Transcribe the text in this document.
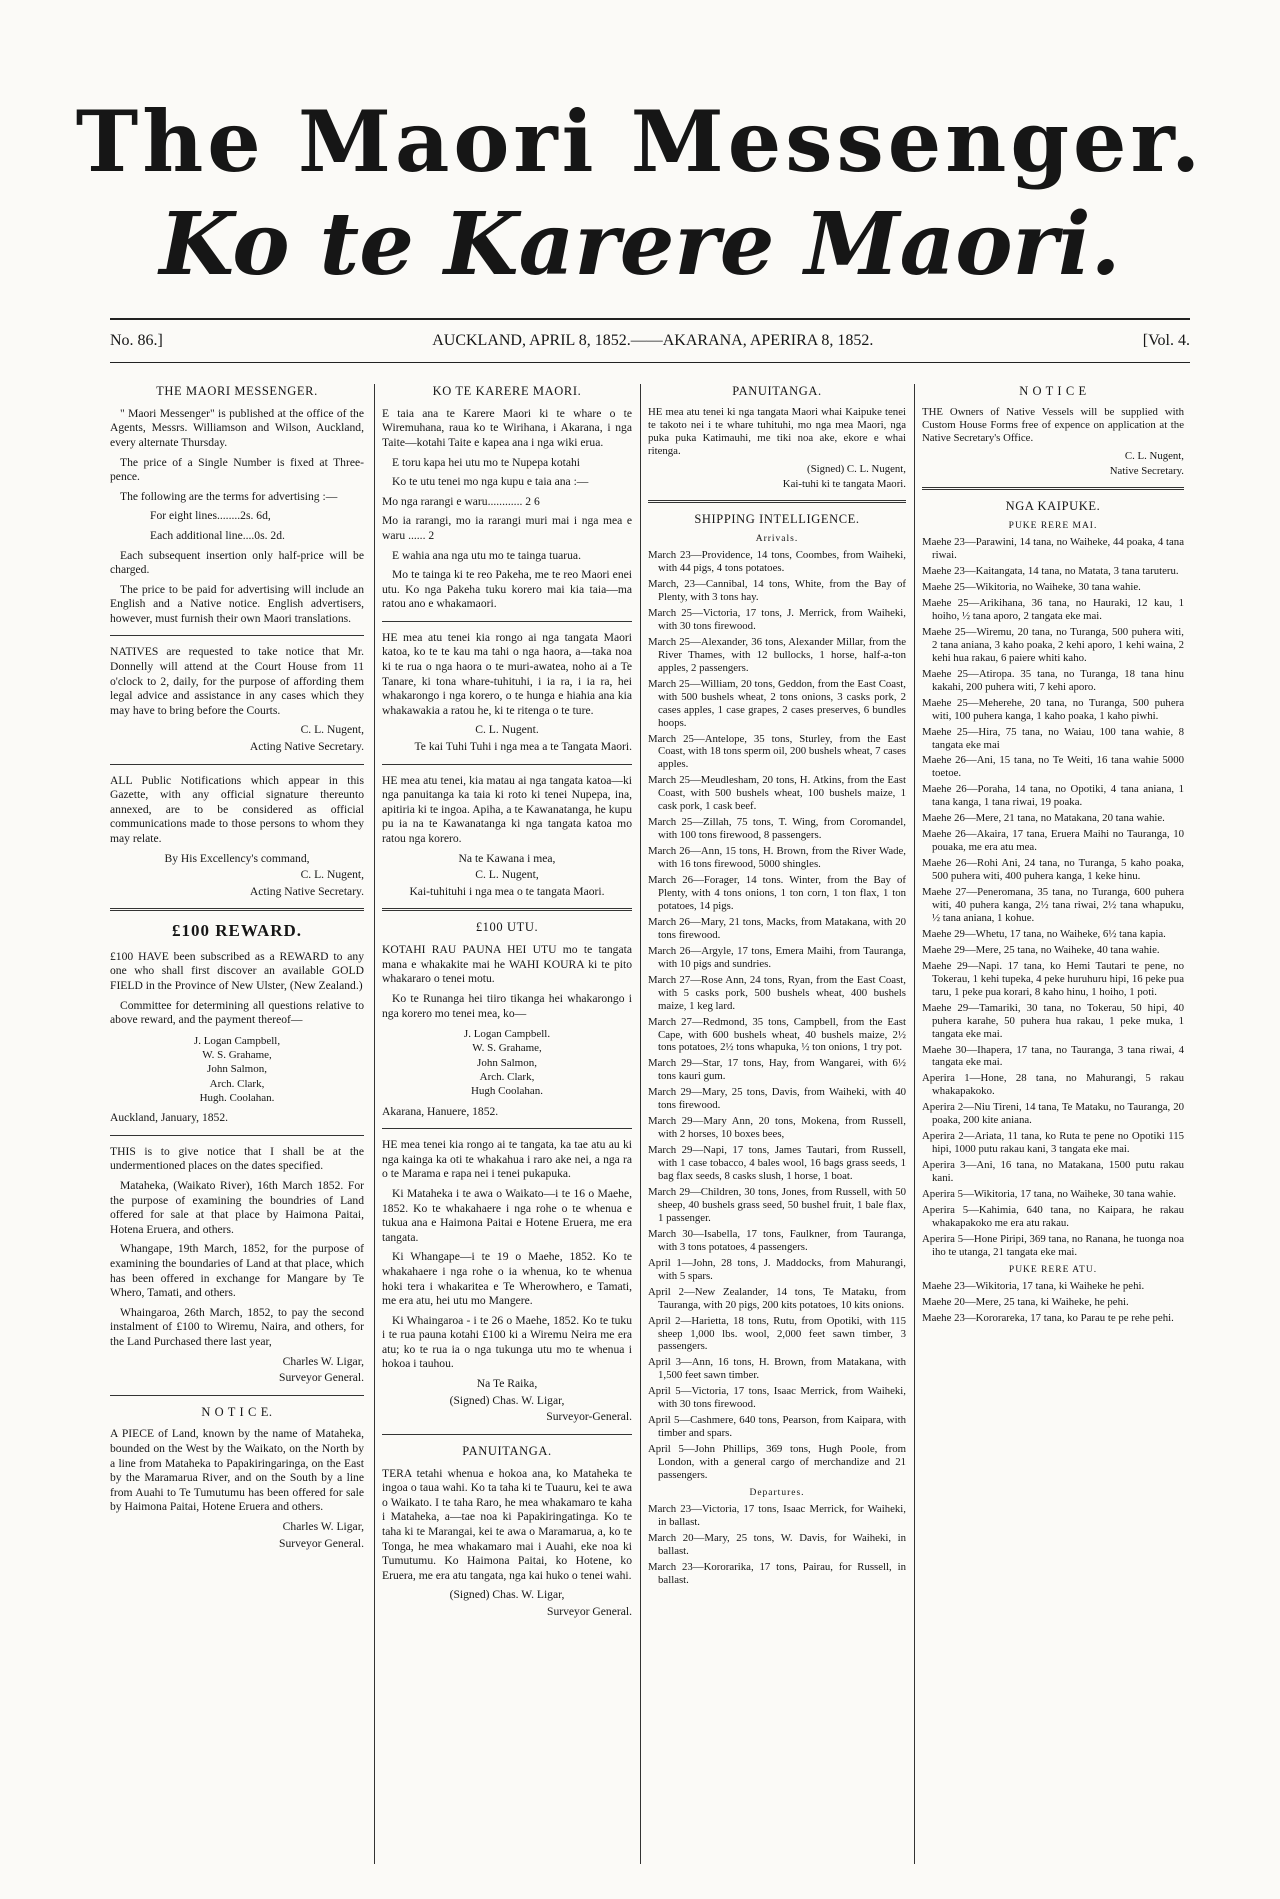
The Maori Messenger.
Ko te Karere Maori.
No. 86.]	AUCKLAND, APRIL 8, 1852.——AKARANA, APERIRA 8, 1852.	[Vol. 4.
THE MAORI MESSENGER.

" Maori Messenger" is published at the office of the Agents, Messrs. Williamson and Wilson, Auckland, every alternate Thursday.

The price of a Single Number is fixed at Three-pence.

The following are the terms for advertising :—

For eight lines........2s. 6d,

Each additional line....0s. 2d.

Each subsequent insertion only half-price will be charged.

The price to be paid for advertising will include an English and a Native notice. English advertisers, however, must furnish their own Maori translations.

NATIVES are requested to take notice that Mr. Donnelly will attend at the Court House from 11 o'clock to 2, daily, for the purpose of affording them legal advice and assistance in any cases which they may have to bring before the Courts.

C. L. Nugent,
Acting Native Secretary.

ALL Public Notifications which appear in this Gazette, with any official signature thereunto annexed, are to be considered as official communications made to those persons to whom they may relate.

By His Excellency's command,
C. L. Nugent,
Acting Native Secretary.
£100 REWARD.

£100 HAVE been subscribed as a REWARD to any one who shall first discover an available GOLD FIELD in the Province of New Ulster, (New Zealand.)

Committee for determining all questions relative to above reward, and the payment thereof—

J. Logan Campbell,
W. S. Grahame,
John Salmon,
Arch. Clark,
Hugh. Coolahan.

Auckland, January, 1852.

THIS is to give notice that I shall be at the undermentioned places on the dates specified.

Mataheka, (Waikato River), 16th March 1852. For the purpose of examining the boundries of Land offered for sale at that place by Haimona Paitai, Hotena Eruera, and others.

Whangape, 19th March, 1852, for the purpose of examining the boundaries of Land at that place, which has been offered in exchange for Mangare by Te Whero, Tamati, and others.

Whaingaroa, 26th March, 1852, to pay the second instalment of £100 to Wiremu, Naira, and others, for the Land Purchased there last year,

Charles W. Ligar,
Surveyor General.
N O T I C E.

A PIECE of Land, known by the name of Mataheka, bounded on the West by the Waikato, on the North by a line from Mataheka to Papakiringaringa, on the East by the Maramarua River, and on the South by a line from Auahi to Te Tumutumu has been offered for sale by Haimona Paitai, Hotene Eruera and others.

Charles W. Ligar,
Surveyor General.
KO TE KARERE MAORI.

E taia ana te Karere Maori ki te whare o te Wiremuhana, raua ko te Wirihana, i Akarana, i nga Taite—kotahi Taite e kapea ana i nga wiki erua.

E toru kapa hei utu mo te Nupepa kotahi

Ko te utu tenei mo nga kupu e taia ana :—

Mo nga rarangi e waru............ 2 6

Mo ia rarangi, mo ia rarangi muri mai i nga mea e waru ...... 2

E wahia ana nga utu mo te tainga tuarua.

Mo te tainga ki te reo Pakeha, me te reo Maori enei utu. Ko nga Pakeha tuku korero mai kia taia—ma ratou ano e whakamaori.

HE mea atu tenei kia rongo ai nga tangata Maori katoa, ko te te kau ma tahi o nga haora, a—taka noa ki te rua o nga haora o te muri-awatea, noho ai a Te Tanare, ki tona whare-tuhituhi, i ia ra, i ia ra, hei whakarongo i nga korero, o te hunga e hiahia ana kia whakawakia a ratou he, ki te ritenga o te ture.

C. L. Nugent.
Te kai Tuhi Tuhi i nga mea a te Tangata Maori.

HE mea atu tenei, kia matau ai nga tangata katoa—ki nga panuitanga ka taia ki roto ki tenei Nupepa, ina, apitiria ki te ingoa. Apiha, a te Kawanatanga, he kupu pu ia na te Kawanatanga ki nga tangata katoa mo ratou nga korero.

Na te Kawana i mea,
C. L. Nugent,
Kai-tuhituhi i nga mea o te tangata Maori.
£100 UTU.

KOTAHI RAU PAUNA HEI UTU mo te tangata mana e whakakite mai he WAHI KOURA ki te pito whakararo o tenei motu.

Ko te Runanga hei tiiro tikanga hei whakarongo i nga korero mo tenei mea, ko—

J. Logan Campbell.
W. S. Grahame,
John Salmon,
Arch. Clark,
Hugh Coolahan.

Akarana, Hanuere, 1852.

HE mea tenei kia rongo ai te tangata, ka tae atu au ki nga kainga ka oti te whakahua i raro ake nei, a nga ra o te Marama e rapa nei i tenei pukapuka.

Ki Mataheka i te awa o Waikato—i te 16 o Maehe, 1852. Ko te whakahaere i nga rohe o te whenua e tukua ana e Haimona Paitai e Hotene Eruera, me era tangata.

Ki Whangape—i te 19 o Maehe, 1852. Ko te whakahaere i nga rohe o ia whenua, ko te whenua hoki tera i whakaritea e Te Wherowhero, e Tamati, me era atu, hei utu mo Mangere.

Ki Whaingaroa - i te 26 o Maehe, 1852. Ko te tuku i te rua pauna kotahi £100 ki a Wiremu Neira me era atu; ko te rua ia o nga tukunga utu mo te whenua i hokoa i tauhou.

Na Te Raika,
(Signed) Chas. W. Ligar,
Surveyor-General.
PANUITANGA.

TERA tetahi whenua e hokoa ana, ko Mataheka te ingoa o taua wahi. Ko ta taha ki te Tuauru, kei te awa o Waikato. I te taha Raro, he mea whakamaro te kaha i Mataheka, a—tae noa ki Papakiringatinga. Ko te taha ki te Marangai, kei te awa o Maramarua, a, ko te Tonga, he mea whakamaro mai i Auahi, eke noa ki Tumutumu. Ko Haimona Paitai, ko Hotene, ko Eruera, me era atu tangata, nga kai huko o tenei wahi.

(Signed) Chas. W. Ligar,
Surveyor General.
PANUITANGA.

HE mea atu tenei ki nga tangata Maori whai Kaipuke tenei te takoto nei i te whare tuhituhi, mo nga mea Maori, nga puka puka Katimauhi, me tiki noa ake, ekore e whai ritenga.

(Signed) C. L. Nugent,
Kai-tuhi ki te tangata Maori.
SHIPPING INTELLIGENCE.
Arrivals.

March 23—Providence, 14 tons, Coombes, from Waiheki, with 44 pigs, 4 tons potatoes.

March, 23—Cannibal, 14 tons, White, from the Bay of Plenty, with 3 tons hay.

March 25—Victoria, 17 tons, J. Merrick, from Waiheki, with 30 tons firewood.

March 25—Alexander, 36 tons, Alexander Millar, from the River Thames, with 12 bullocks, 1 horse, half-a-ton apples, 2 passengers.

March 25—William, 20 tons, Geddon, from the East Coast, with 500 bushels wheat, 2 tons onions, 3 casks pork, 2 cases apples, 1 case grapes, 2 cases preserves, 6 bundles hoops.

March 25—Antelope, 35 tons, Sturley, from the East Coast, with 18 tons sperm oil, 200 bushels wheat, 7 cases apples.

March 25—Meudlesham, 20 tons, H. Atkins, from the East Coast, with 500 bushels wheat, 100 bushels maize, 1 cask pork, 1 cask beef.

March 25—Zillah, 75 tons, T. Wing, from Coromandel, with 100 tons firewood, 8 passengers.

March 26—Ann, 15 tons, H. Brown, from the River Wade, with 16 tons firewood, 5000 shingles.

March 26—Forager, 14 tons. Winter, from the Bay of Plenty, with 4 tons onions, 1 ton corn, 1 ton flax, 1 ton potatoes, 14 pigs.

March 26—Mary, 21 tons, Macks, from Matakana, with 20 tons firewood.

March 26—Argyle, 17 tons, Emera Maihi, from Tauranga, with 10 pigs and sundries.

March 27—Rose Ann, 24 tons, Ryan, from the East Coast, with 5 casks pork, 500 bushels wheat, 400 bushels maize, 1 keg lard.

March 27—Redmond, 35 tons, Campbell, from the East Cape, with 600 bushels wheat, 40 bushels maize, 2½ tons potatoes, 2½ tons whapuka, ½ ton onions, 1 try pot.

March 29—Star, 17 tons, Hay, from Wangarei, with 6½ tons kauri gum.

March 29—Mary, 25 tons, Davis, from Waiheki, with 40 tons firewood.

March 29—Mary Ann, 20 tons, Mokena, from Russell, with 2 horses, 10 boxes bees,

March 29—Napi, 17 tons, James Tautari, from Russell, with 1 case tobacco, 4 bales wool, 16 bags grass seeds, 1 bag flax seeds, 8 casks slush, 1 horse, 1 boat.

March 29—Children, 30 tons, Jones, from Russell, with 50 sheep, 40 bushels grass seed, 50 bushel fruit, 1 bale flax, 1 passenger.

March 30—Isabella, 17 tons, Faulkner, from Tauranga, with 3 tons potatoes, 4 passengers.

April 1—John, 28 tons, J. Maddocks, from Mahurangi, with 5 spars.

April 2—New Zealander, 14 tons, Te Mataku, from Tauranga, with 20 pigs, 200 kits potatoes, 10 kits onions.

April 2—Harietta, 18 tons, Rutu, from Opotiki, with 115 sheep 1,000 lbs. wool, 2,000 feet sawn timber, 3 passengers.

April 3—Ann, 16 tons, H. Brown, from Matakana, with 1,500 feet sawn timber.

April 5—Victoria, 17 tons, Isaac Merrick, from Waiheki, with 30 tons firewood.

April 5—Cashmere, 640 tons, Pearson, from Kaipara, with timber and spars.

April 5—John Phillips, 369 tons, Hugh Poole, from London, with a general cargo of merchandize and 21 passengers.

Departures.

March 23—Victoria, 17 tons, Isaac Merrick, for Waiheki, in ballast.

March 20—Mary, 25 tons, W. Davis, for Waiheki, in ballast.

March 23—Kororarika, 17 tons, Pairau, for Russell, in ballast.

N O T I C E

THE Owners of Native Vessels will be supplied with Custom House Forms free of expence on application at the Native Secretary's Office.

C. L. Nugent,
Native Secretary.
NGA KAIPUKE.
PUKE RERE MAI.

Maehe 23—Parawini, 14 tana, no Waiheke, 44 poaka, 4 tana riwai.

Maehe 23—Kaitangata, 14 tana, no Matata, 3 tana taruteru.

Maehe 25—Wikitoria, no Waiheke, 30 tana wahie.

Maehe 25—Arikihana, 36 tana, no Hauraki, 12 kau, 1 hoiho, ½ tana aporo, 2 tangata eke mai.

Maehe 25—Wiremu, 20 tana, no Turanga, 500 puhera witi, 2 tana aniana, 3 kaho poaka, 2 kehi aporo, 1 kehi waina, 2 kehi hua rakau, 6 paiere whiti kaho.

Maehe 25—Atiropa. 35 tana, no Turanga, 18 tana hinu kakahi, 200 puhera witi, 7 kehi aporo.

Maehe 25—Meherehe, 20 tana, no Turanga, 500 puhera witi, 100 puhera kanga, 1 kaho poaka, 1 kaho piwhi.

Maehe 25—Hira, 75 tana, no Waiau, 100 tana wahie, 8 tangata eke mai

Maehe 26—Ani, 15 tana, no Te Weiti, 16 tana wahie 5000 toetoe.

Maehe 26—Poraha, 14 tana, no Opotiki, 4 tana aniana, 1 tana kanga, 1 tana riwai, 19 poaka.

Maehe 26—Mere, 21 tana, no Matakana, 20 tana wahie.

Maehe 26—Akaira, 17 tana, Eruera Maihi no Tauranga, 10 pouaka, me era atu mea.

Maehe 26—Rohi Ani, 24 tana, no Turanga, 5 kaho poaka, 500 puhera witi, 400 puhera kanga, 1 keke hinu.

Maehe 27—Peneromana, 35 tana, no Turanga, 600 puhera witi, 40 puhera kanga, 2½ tana riwai, 2½ tana whapuku, ½ tana aniana, 1 kohue.

Maehe 29—Whetu, 17 tana, no Waiheke, 6½ tana kapia.

Maehe 29—Mere, 25 tana, no Waiheke, 40 tana wahie.

Maehe 29—Napi. 17 tana, ko Hemi Tautari te pene, no Tokerau, 1 kehi tupeka, 4 peke huruhuru hipi, 16 peke pua taru, 1 peke pua korari, 8 kaho hinu, 1 hoiho, 1 poti.

Maehe 29—Tamariki, 30 tana, no Tokerau, 50 hipi, 40 puhera karahe, 50 puhera hua rakau, 1 peke muka, 1 tangata eke mai.

Maehe 30—Ihapera, 17 tana, no Tauranga, 3 tana riwai, 4 tangata eke mai.

Aperira 1—Hone, 28 tana, no Mahurangi, 5 rakau whakapakoko.

Aperira 2—Niu Tireni, 14 tana, Te Mataku, no Tauranga, 20 poaka, 200 kite aniana.

Aperira 2—Ariata, 11 tana, ko Ruta te pene no Opotiki 115 hipi, 1000 putu rakau kani, 3 tangata eke mai.

Aperira 3—Ani, 16 tana, no Matakana, 1500 putu rakau kani.

Aperira 5—Wikitoria, 17 tana, no Waiheke, 30 tana wahie.

Aperira 5—Kahimia, 640 tana, no Kaipara, he rakau whakapakoko me era atu rakau.

Aperira 5—Hone Piripi, 369 tana, no Ranana, he tuonga noa iho te utanga, 21 tangata eke mai.

PUKE RERE ATU.

Maehe 23—Wikitoria, 17 tana, ki Waiheke he pehi.

Maehe 20—Mere, 25 tana, ki Waiheke, he pehi.

Maehe 23—Kororareka, 17 tana, ko Parau te pe rehe pehi.
